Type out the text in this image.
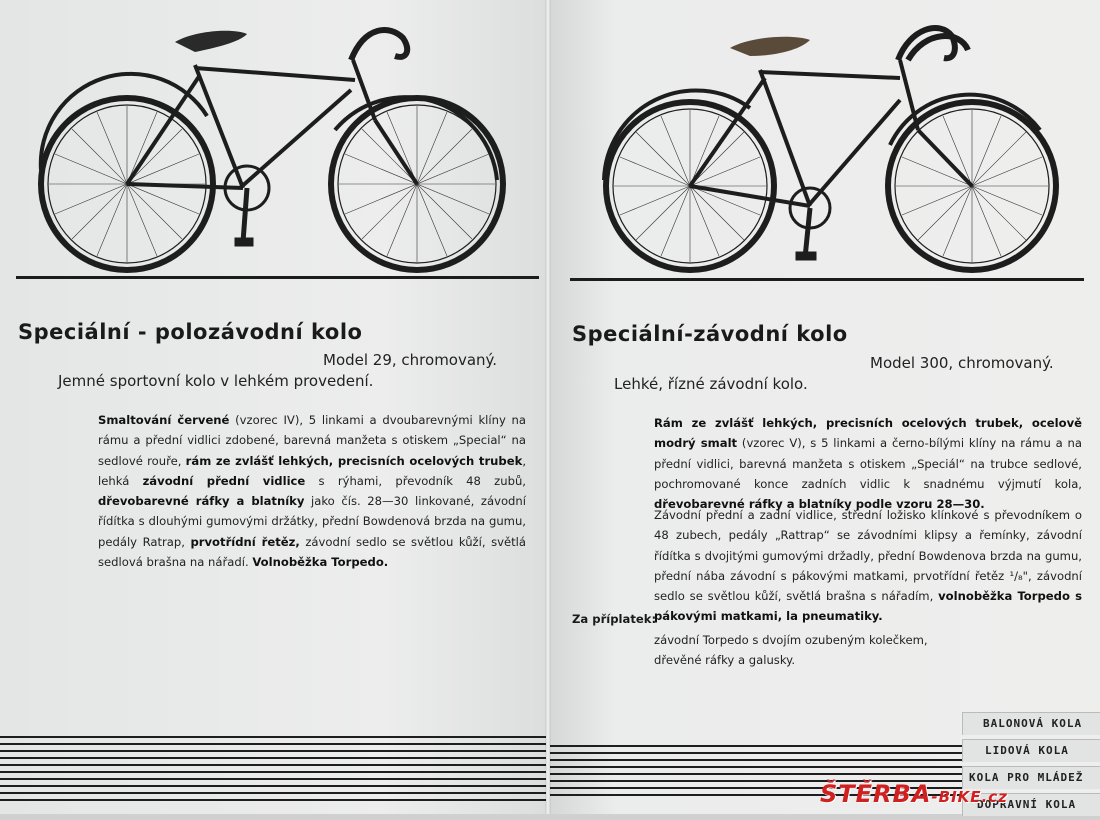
Speciální - polozávodní kolo
Model 29, chromovaný.
Jemné sportovní kolo v lehkém provedení.
Smaltování červené (vzorec IV), 5 linkami a dvoubarevnými klíny na rámu a přední vidlici zdobené, barevná manžeta s otiskem „Special“ na sedlové rouře, rám ze zvlášť lehkých, precisních ocelových trubek, lehká závodní přední vidlice s rýhami, převodník 48 zubů, dřevobarevné ráfky a blatníky jako čís. 28—30 linkované, závodní řídítka s dlouhými gumovými držátky, přední Bowdenová brzda na gumu, pedály Ratrap, prvotřídní řetěz, závodní sedlo se světlou kůží, světlá sedlová brašna na nářadí. Volnoběžka Torpedo.
Speciální-závodní kolo
Model 300, chromovaný.
Lehké, řízné závodní kolo.
Rám ze zvlášť lehkých, precisních ocelových trubek, ocelově modrý smalt (vzorec V), s 5 linkami a černo-bílými klíny na rámu a na přední vidlici, barevná manžeta s otiskem „Speciál“ na trubce sedlové, pochromované konce zadních vidlic k snadnému výjmutí kola, dřevobarevné ráfky a blatníky podle vzoru 28—30.
Závodní přední a zadní vidlice, střední ložisko klínkové s převodníkem o 48 zubech, pedály „Rattrap“ se závodními klipsy a řemínky, závodní řídítka s dvojitými gumovými držadly, přední Bowdenova brzda na gumu, přední nába závodní s pákovými matkami, prvotřídní řetěz ¹/₈", závodní sedlo se světlou kůží, světlá brašna s nářadím, volnoběžka Torpedo s pákovými matkami, la pneumatiky.
Za příplatek:
závodní Torpedo s dvojím ozubeným kolečkem,
dřevěné ráfky a galusky.
BALONOVÁ KOLA
LIDOVÁ KOLA
KOLA PRO MLÁDEŽ
DOPRAVNÍ KOLA
ŠTĚRBA-BIKE.cz
